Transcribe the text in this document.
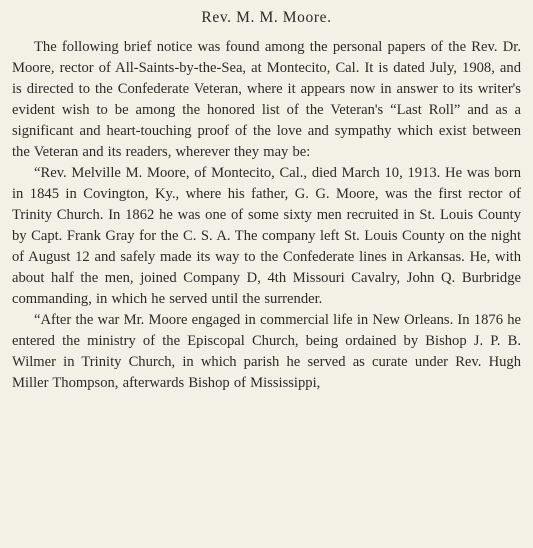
Rev. M. M. Moore.

The following brief notice was found among the personal papers of the Rev. Dr. Moore, rector of All-Saints-by-the-Sea, at Montecito, Cal. It is dated July, 1908, and is directed to the Confederate Veteran, where it appears now in answer to its writer's evident wish to be among the honored list of the Veteran's “Last Roll” and as a significant and heart-touching proof of the love and sympathy which exist between the Veteran and its readers, wherever they may be:

“Rev. Melville M. Moore, of Montecito, Cal., died March 10, 1913. He was born in 1845 in Covington, Ky., where his father, G. G. Moore, was the first rector of Trinity Church. In 1862 he was one of some sixty men recruited in St. Louis County by Capt. Frank Gray for the C. S. A. The company left St. Louis County on the night of August 12 and safely made its way to the Confederate lines in Arkansas. He, with about half the men, joined Company D, 4th Missouri Cavalry, John Q. Burbridge commanding, in which he served until the surrender.

“After the war Mr. Moore engaged in commercial life in New Orleans. In 1876 he entered the ministry of the Episcopal Church, being ordained by Bishop J. P. B. Wilmer in Trinity Church, in which parish he served as curate under Rev. Hugh Miller Thompson, afterwards Bishop of Mississippi,
